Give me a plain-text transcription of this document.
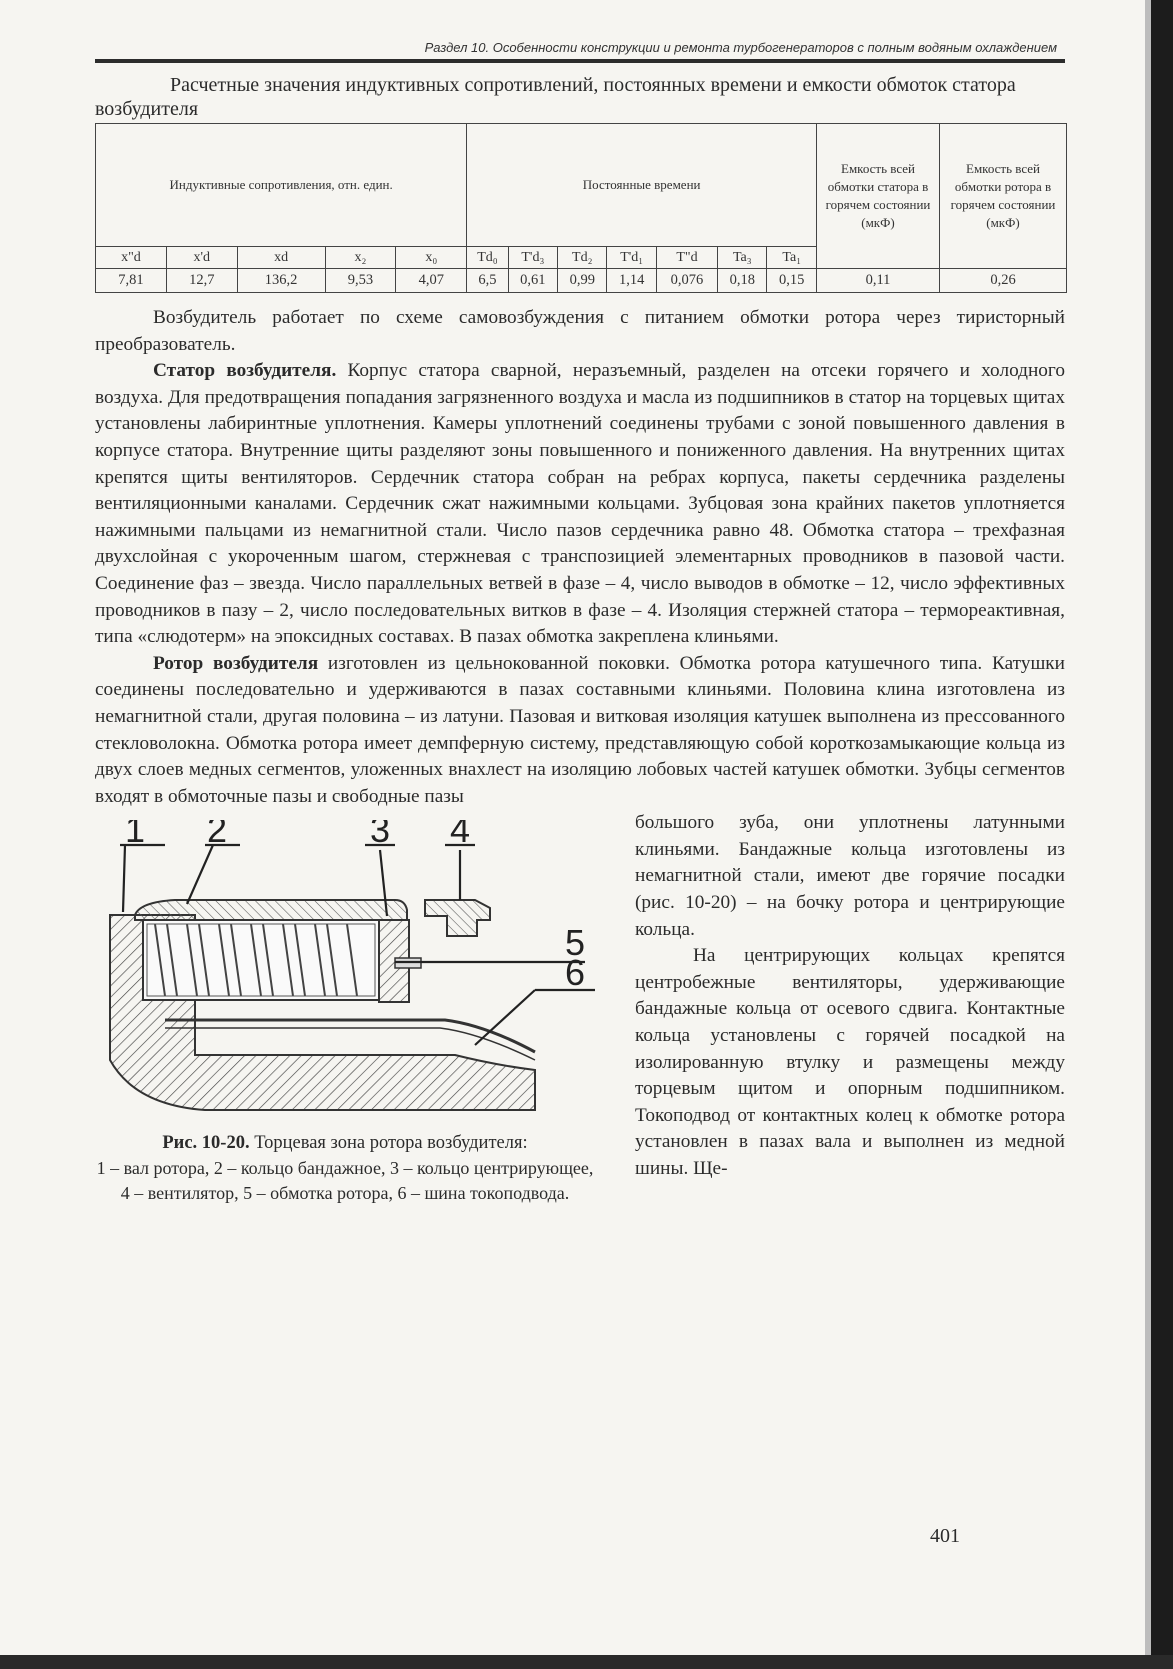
Раздел 10. Особенности конструкции и ремонта турбогенераторов с полным водяным охлаждением
Расчетные значения индуктивных сопротивлений, постоянных времени и емкости обмоток статора возбудителя
Индуктивные сопротивления, отн. един.					Постоянные времени							Емкость всей обмотки статора в горячем состоянии (мкФ)	Емкость всей обмотки ротора в горячем состоянии (мкФ)
x"d	x'd	xd	x₂	x₀	Td₀	T'd₃	Td₂	T'd₁	T"d	Ta₃	Ta₁		
7,81	12,7	136,2	9,53	4,07	6,5	0,61	0,99	1,14	0,076	0,18	0,15	0,11	0,26

Возбудитель работает по схеме самовозбуждения с питанием обмотки ротора через тиристорный преобразователь.

Статор возбудителя. Корпус статора сварной, неразъемный, разделен на отсеки горячего и холодного воздуха. Для предотвращения попадания загрязненного воздуха и масла из подшипников в статор на торцевых щитах установлены лабиринтные уплотнения. Камеры уплотнений соединены трубами с зоной повышенного давления в корпусе статора. Внутренние щиты разделяют зоны повышенного и пониженного давления. На внутренних щитах крепятся щиты вентиляторов. Сердечник статора собран на ребрах корпуса, пакеты сердечника разделены вентиляционными каналами. Сердечник сжат нажимными кольцами. Зубцовая зона крайних пакетов уплотняется нажимными пальцами из немагнитной стали. Число пазов сердечника равно 48. Обмотка статора – трехфазная двухслойная с укороченным шагом, стержневая с транспозицией элементарных проводников в пазовой части. Соединение фаз – звезда. Число параллельных ветвей в фазе – 4, число выводов в обмотке – 12, число эффективных проводников в пазу – 2, число последовательных витков в фазе – 4. Изоляция стержней статора – термореактивная, типа «слюдотерм» на эпоксидных составах. В пазах обмотка закреплена клиньями.

Ротор возбудителя изготовлен из цельнокованной поковки. Обмотка ротора катушечного типа. Катушки соединены последовательно и удерживаются в пазах составными клиньями. Половина клина изготовлена из немагнитной стали, другая половина – из латуни. Пазовая и витковая изоляция катушек выполнена из прессованного стекловолокна. Обмотка ротора имеет демпферную систему, представляющую собой короткозамыкающие кольца из двух слоев медных сегментов, уложенных внахлест на изоляцию лобовых частей катушек обмотки. Зубцы сегментов входят в обмоточные пазы и свободные пазы

1 2	3 4
5
6
Рис. 10-20. Торцевая зона ротора возбудителя:
1 – вал ротора, 2 – кольцо бандажное, 3 – кольцо центрирующее, 4 – вентилятор, 5 – обмотка ротора, 6 – шина токоподвода.

большого зуба, они уплотнены латунными клиньями. Бандажные кольца изготовлены из немагнитной стали, имеют две горячие посадки (рис. 10-20) – на бочку ротора и центрирующие кольца.

На центрирующих кольцах крепятся центробежные вентиляторы, удерживающие бандажные кольца от осевого сдвига. Контактные кольца установлены с горячей посадкой на изолированную втулку и размещены между торцевым щитом и опорным подшипником. Токоподвод от контактных колец к обмотке ротора установлен в пазах вала и выполнен из медной шины. Ще-

401
